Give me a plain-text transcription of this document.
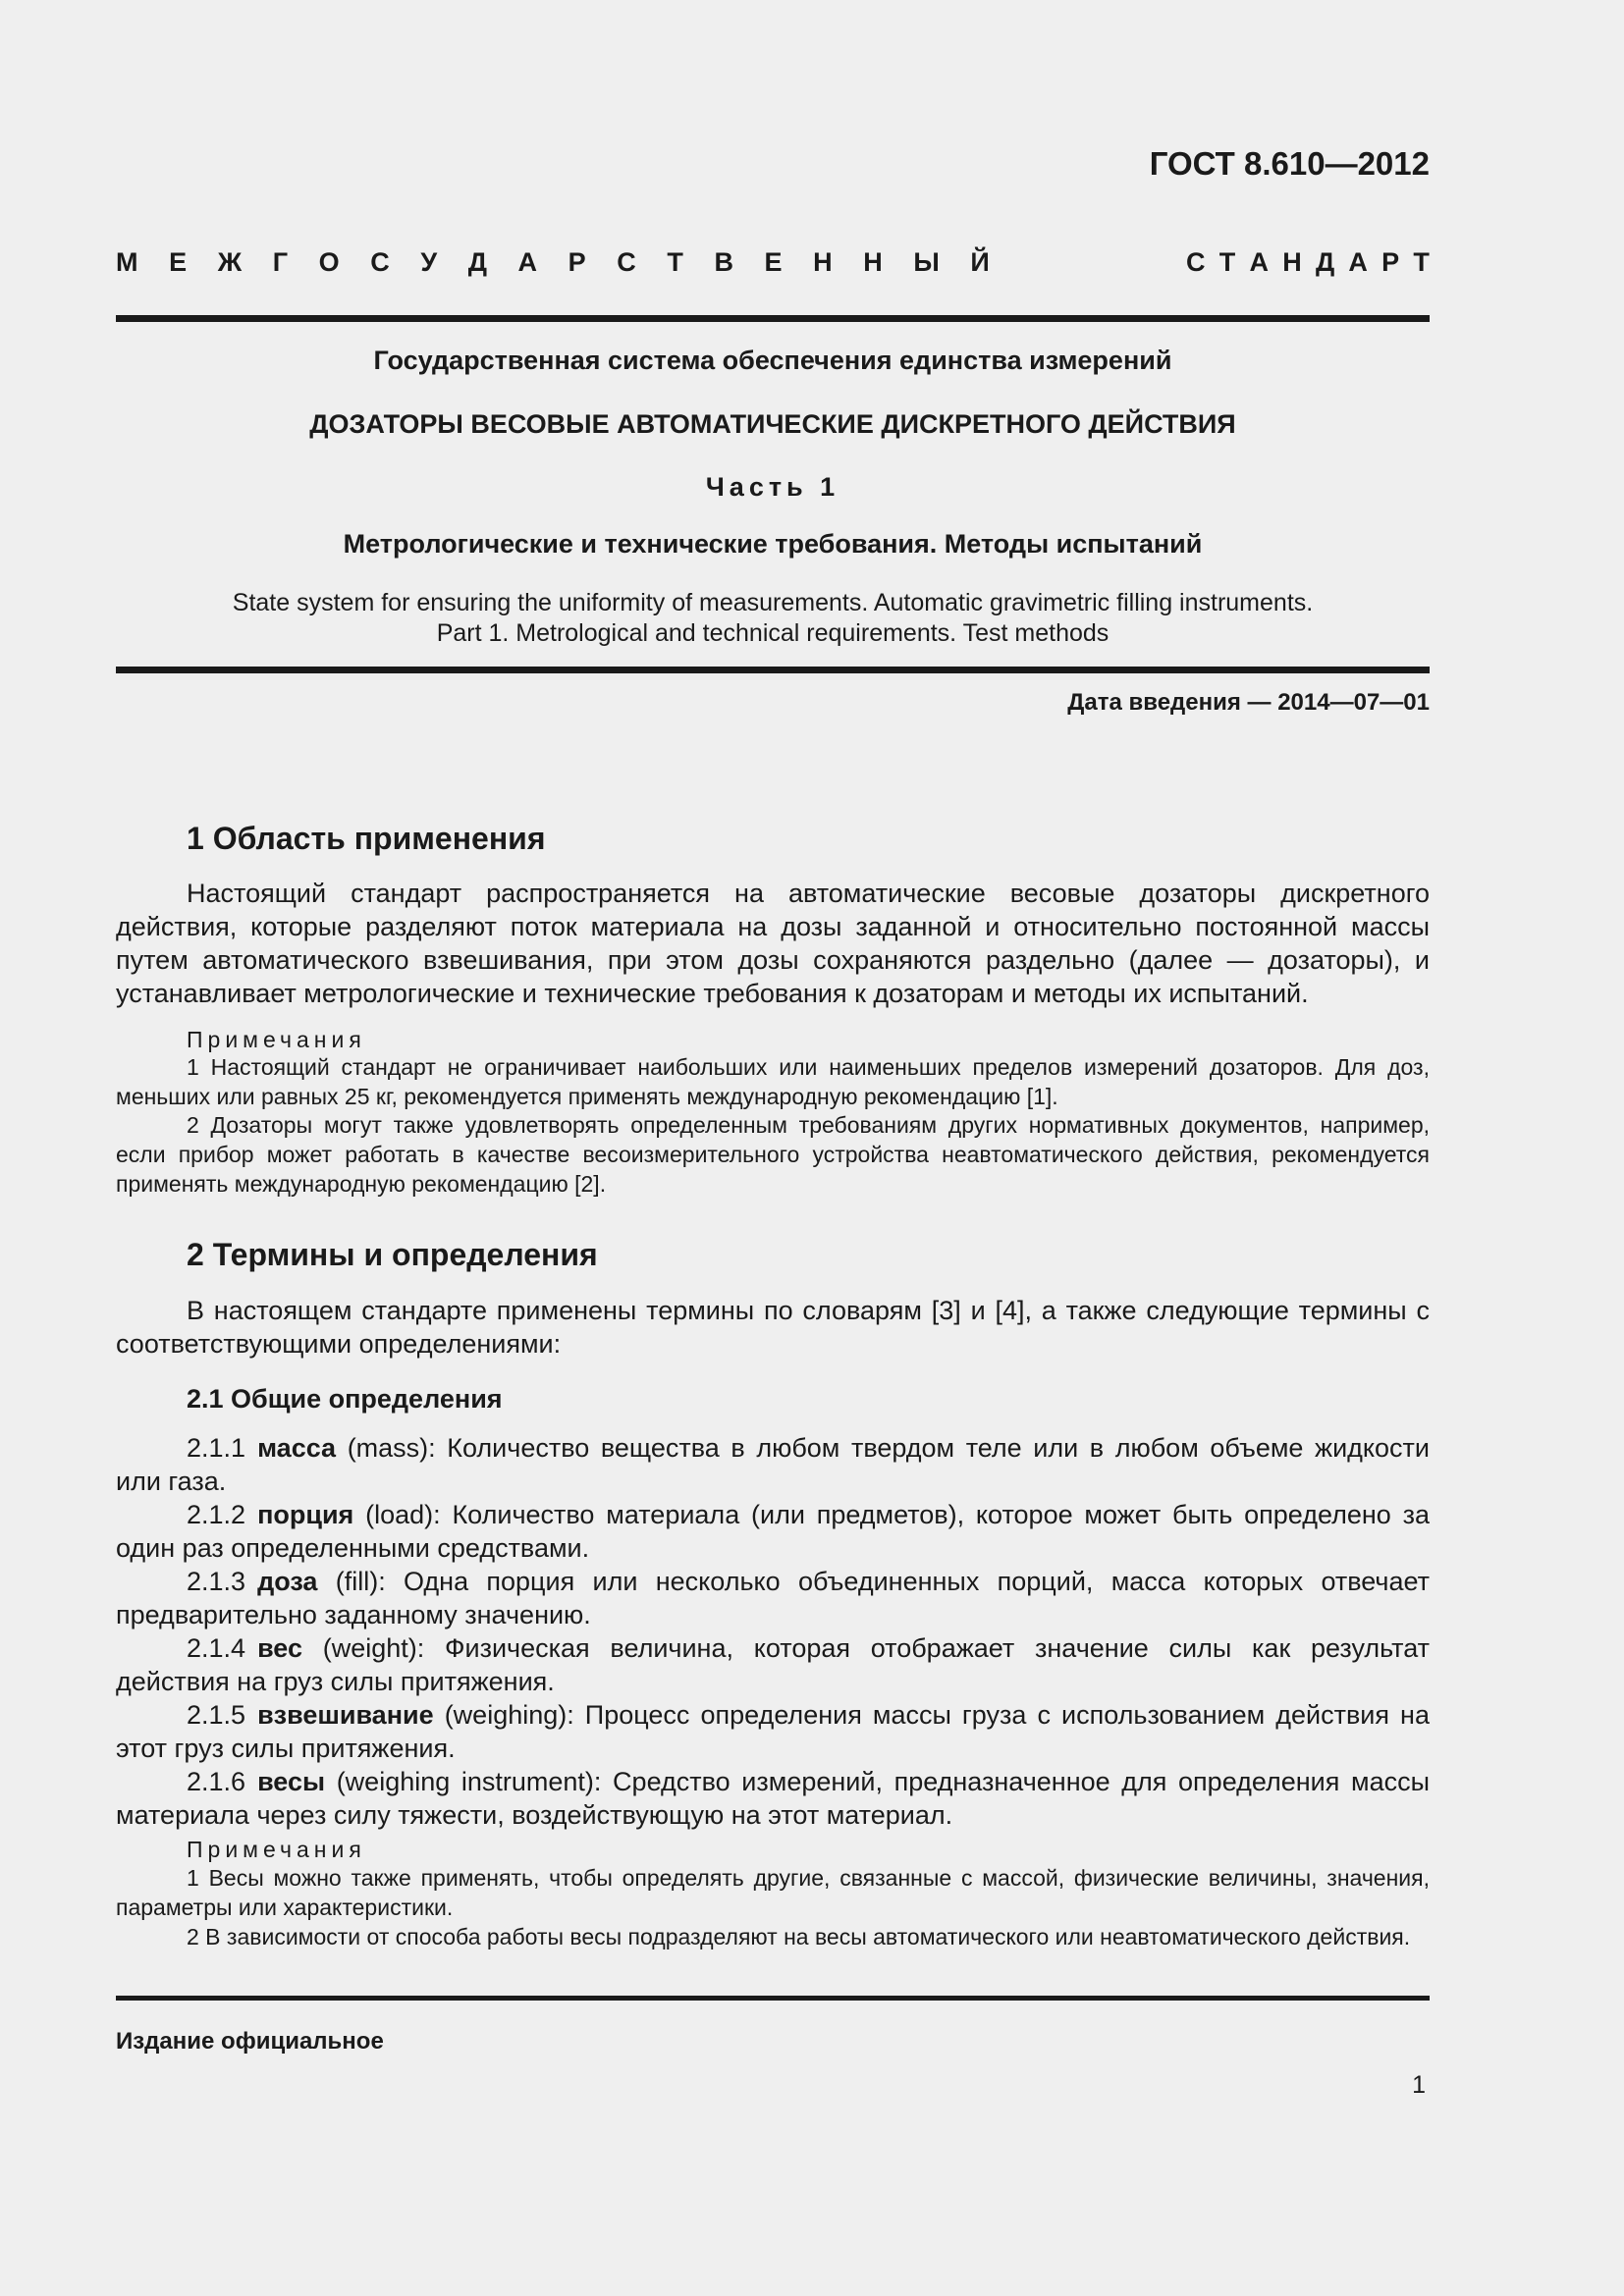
ГОСТ 8.610—2012
М Е Ж Г О С У Д А Р С Т В Е Н Н Ы Й	С Т А Н Д А Р Т
Государственная система обеспечения единства измерений
ДОЗАТОРЫ ВЕСОВЫЕ АВТОМАТИЧЕСКИЕ ДИСКРЕТНОГО ДЕЙСТВИЯ
Часть 1
Метрологические и технические требования. Методы испытаний
State system for ensuring the uniformity of measurements. Automatic gravimetric filling instruments.
Part 1. Metrological and technical requirements. Test methods
Дата введения — 2014—07—01
1 Область применения

Настоящий стандарт распространяется на автоматические весовые дозаторы дискретного действия, которые разделяют поток материала на дозы заданной и относительно постоянной массы путем автоматического взвешивания, при этом дозы сохраняются раздельно (далее — дозаторы), и устанавливает метрологические и технические требования к дозаторам и методы их испытаний.

Примечания

1 Настоящий стандарт не ограничивает наибольших или наименьших пределов измерений дозаторов. Для доз, меньших или равных 25 кг, рекомендуется применять международную рекомендацию [1].

2 Дозаторы могут также удовлетворять определенным требованиям других нормативных документов, например, если прибор может работать в качестве весоизмерительного устройства неавтоматического действия, рекомендуется применять международную рекомендацию [2].

2 Термины и определения

В настоящем стандарте применены термины по словарям [3] и [4], а также следующие термины с соответствующими определениями:

2.1 Общие определения

2.1.1 масса (mass): Количество вещества в любом твердом теле или в любом объеме жидкости или газа.

2.1.2 порция (load): Количество материала (или предметов), которое может быть определено за один раз определенными средствами.

2.1.3 доза (fill): Одна порция или несколько объединенных порций, масса которых отвечает предварительно заданному значению.

2.1.4 вес (weight): Физическая величина, которая отображает значение силы как результат действия на груз силы притяжения.

2.1.5 взвешивание (weighing): Процесс определения массы груза с использованием действия на этот груз силы притяжения.

2.1.6 весы (weighing instrument): Средство измерений, предназначенное для определения массы материала через силу тяжести, воздействующую на этот материал.

Примечания

1 Весы можно также применять, чтобы определять другие, связанные с массой, физические величины, значения, параметры или характеристики.

2 В зависимости от способа работы весы подразделяют на весы автоматического или неавтоматического действия.

Издание официальное
1
